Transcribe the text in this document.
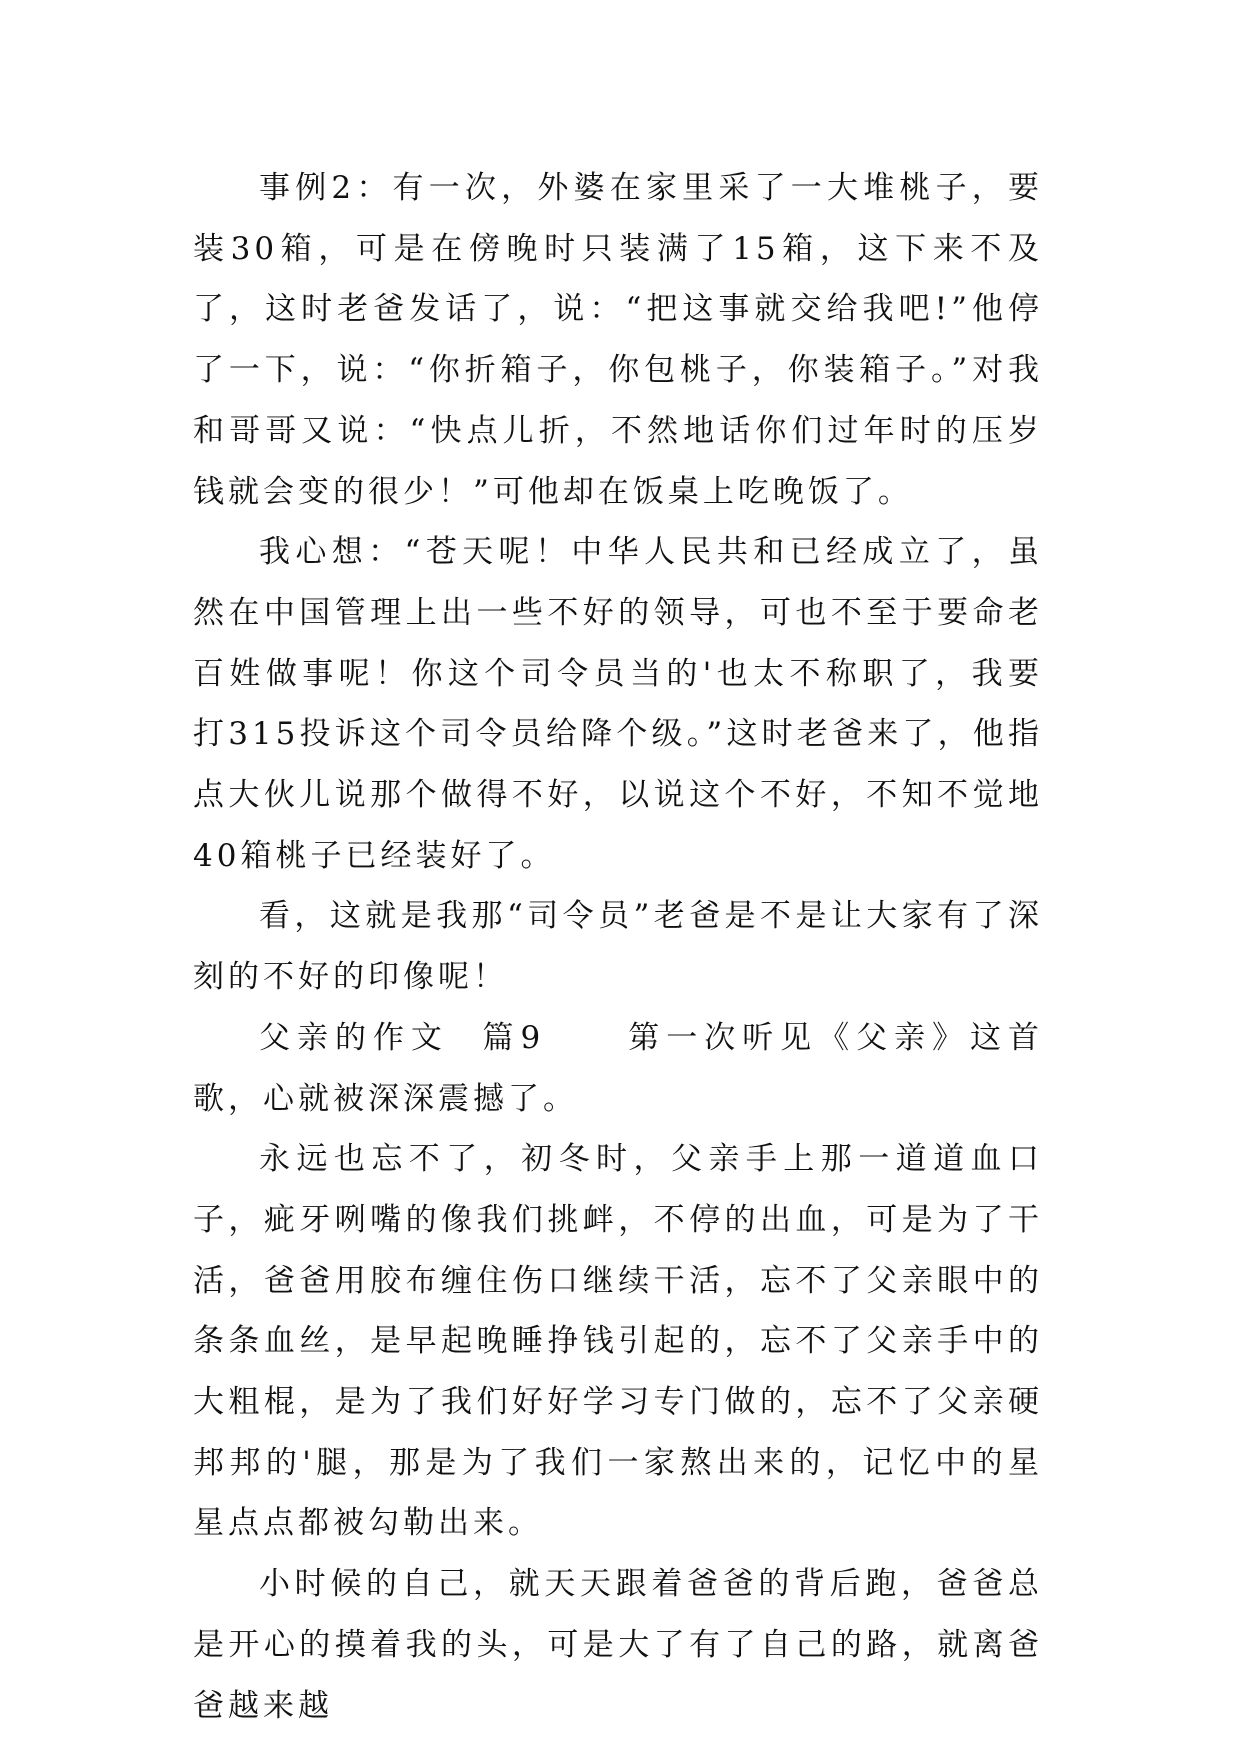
事例2：有一次，外婆在家里采了一大堆桃子，要装30箱，可是在傍晚时只装满了15箱，这下来不及了，这时老爸发话了，说：“把这事就交给我吧!”他停了一下，说：“你折箱子，你包桃子，你装箱子。”对我和哥哥又说：“快点儿折，不然地话你们过年时的压岁钱就会变的很少！”可他却在饭桌上吃晚饭了。

我心想：“苍天呢！中华人民共和已经成立了，虽然在中国管理上出一些不好的领导，可也不至于要命老百姓做事呢！你这个司令员当的'也太不称职了，我要打315投诉这个司令员给降个级。”这时老爸来了，他指点大伙儿说那个做得不好，以说这个不好，不知不觉地40箱桃子已经装好了。

看，这就是我那“司令员”老爸是不是让大家有了深刻的不好的印像呢！

父亲的作文  篇9     第一次听见《父亲》这首歌，心就被深深震撼了。

永远也忘不了，初冬时，父亲手上那一道道血口子，疵牙咧嘴的像我们挑衅，不停的出血，可是为了干活，爸爸用胶布缠住伤口继续干活，忘不了父亲眼中的条条血丝，是早起晚睡挣钱引起的，忘不了父亲手中的大粗棍，是为了我们好好学习专门做的，忘不了父亲硬邦邦的'腿，那是为了我们一家熬出来的，记忆中的星星点点都被勾勒出来。

小时候的自己，就天天跟着爸爸的背后跑，爸爸总是开心的摸着我的头，可是大了有了自己的路，就离爸爸越来越
